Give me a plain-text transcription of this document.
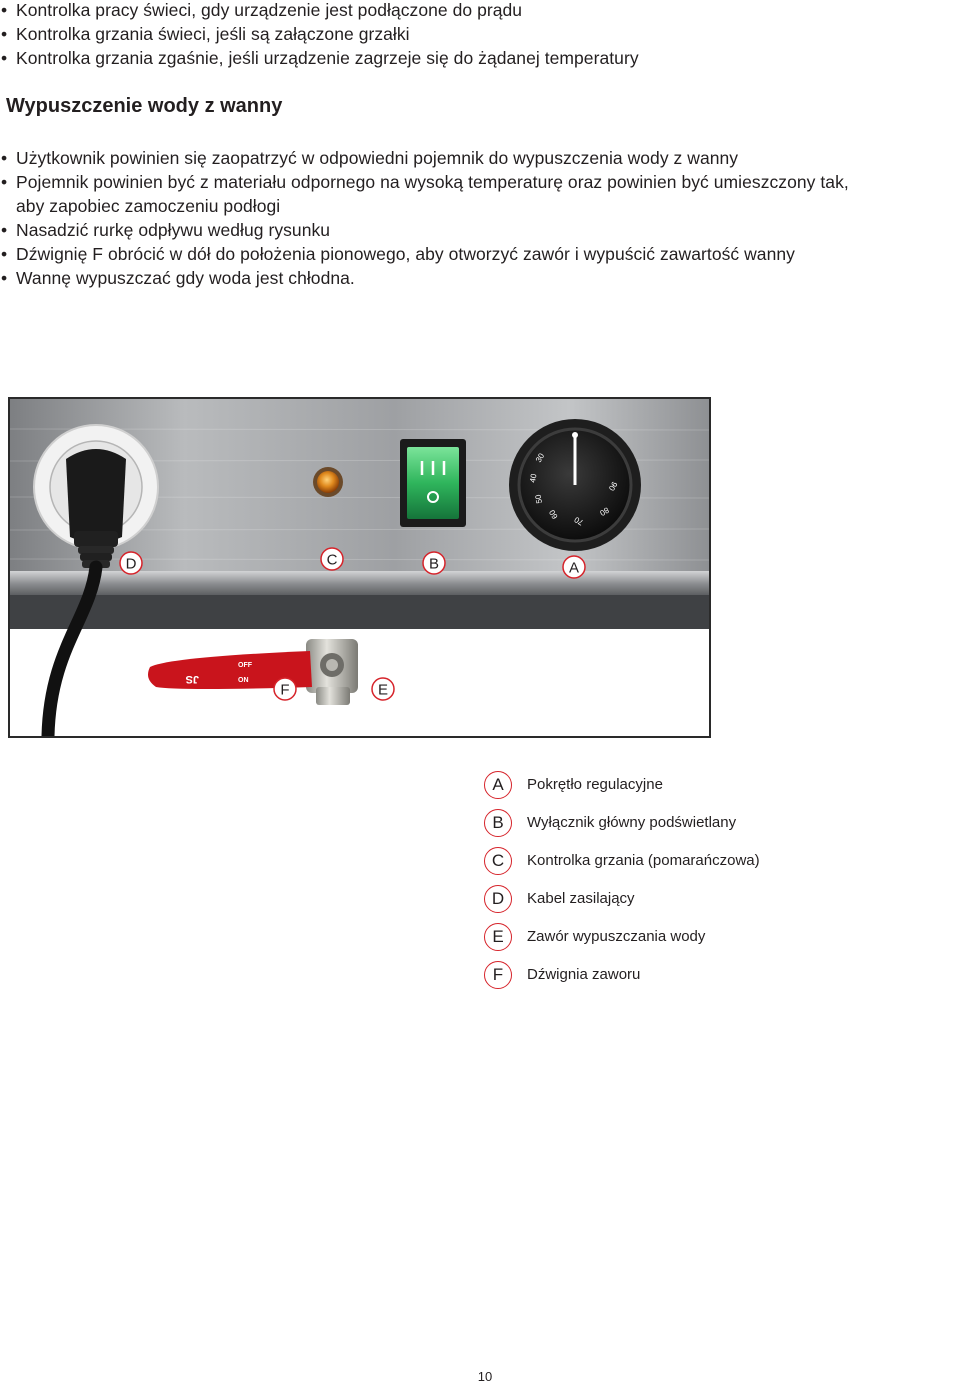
• Kontrolka pracy świeci, gdy urządzenie jest podłączone do prądu
• Kontrolka grzania świeci, jeśli są załączone grzałki
• Kontrolka grzania zgaśnie, jeśli urządzenie zagrzeje się do żądanej temperatury
Wypuszczenie wody z wanny
• Użytkownik powinien się zaopatrzyć w odpowiedni pojemnik do wypuszczenia wody z wanny
• Pojemnik powinien być z materiału odpornego na wysoką temperaturę oraz powinien być umieszczony tak, aby zapobiec zamoczeniu podłogi
• Nasadzić rurkę odpływu według rysunku
• Dźwignię F obrócić w dół do położenia pionowego, aby otworzyć zawór i wypuścić zawartość wanny
• Wannę wypuszczać gdy woda jest chłodna.
30
40
50
60
70
80
90
JS	ON
OFF
D	C	B	A
F	E
A	Pokrętło regulacyjne
B	Wyłącznik główny podświetlany
C	Kontrolka grzania (pomarańczowa)
D	Kabel zasilający
E	Zawór wypuszczania wody
F	Dźwignia zaworu
10
